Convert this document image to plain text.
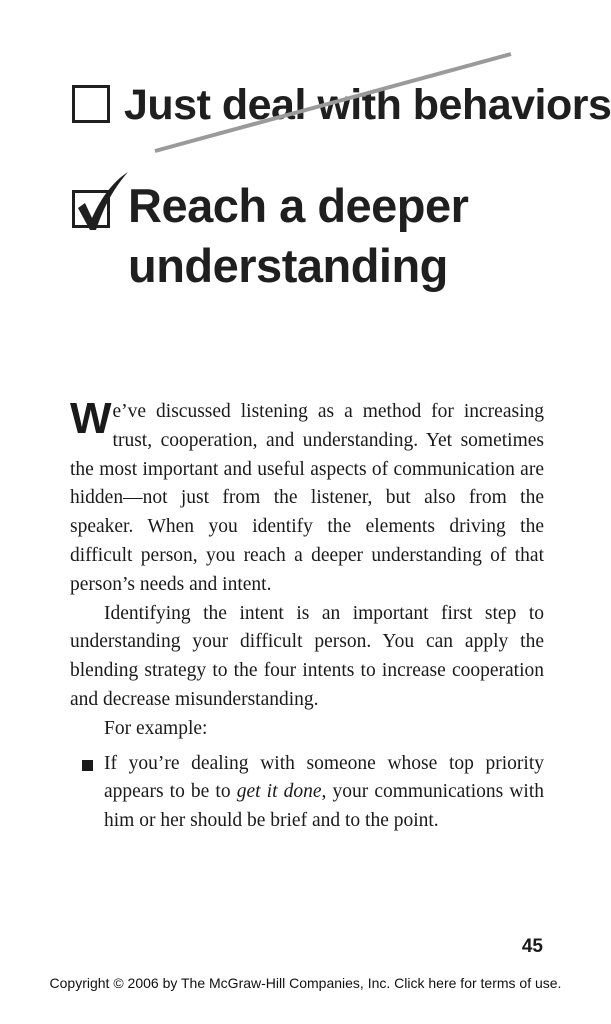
Just deal with behaviors
Reach a deeper
understanding

We’ve discussed listening as a method for increasing trust, cooperation, and understanding. Yet sometimes the most important and useful aspects of communication are hidden—not just from the listener, but also from the speaker. When you identify the elements driving the difficult person, you reach a deeper understanding of that person’s needs and intent.

Identifying the intent is an important first step to understanding your difficult person. You can apply the blending strategy to the four intents to increase cooperation and decrease misunderstanding.

For example:

If you’re dealing with someone whose top priority appears to be to get it done, your communications with him or her should be brief and to the point.
45
Copyright © 2006 by The McGraw-Hill Companies, Inc. Click here for terms of use.
